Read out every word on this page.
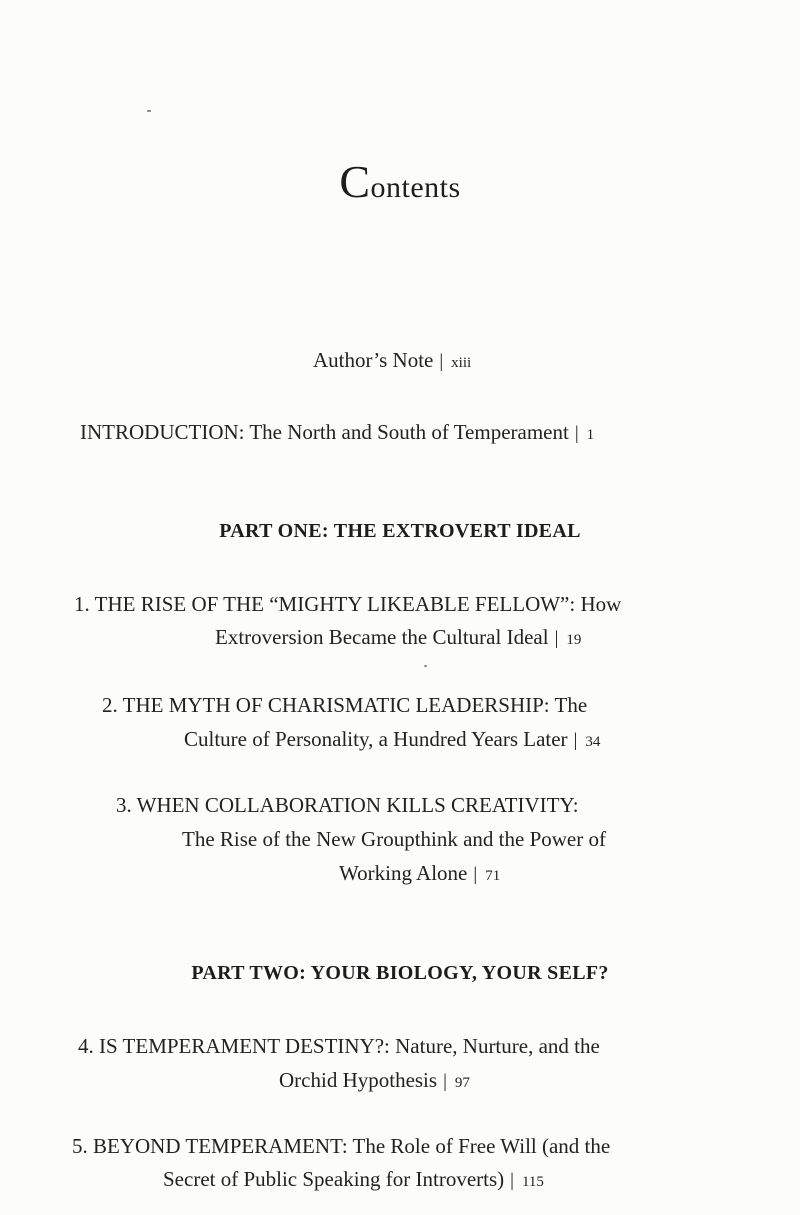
Contents
Author’s Note | xiii
INTRODUCTION: The North and South of Temperament | 1
PART ONE: THE EXTROVERT IDEAL
1. THE RISE OF THE “MIGHTY LIKEABLE FELLOW”: How
Extroversion Became the Cultural Ideal | 19
2. THE MYTH OF CHARISMATIC LEADERSHIP: The
Culture of Personality, a Hundred Years Later | 34
3. WHEN COLLABORATION KILLS CREATIVITY:
The Rise of the New Groupthink and the Power of
Working Alone | 71
PART TWO: YOUR BIOLOGY, YOUR SELF?
4. IS TEMPERAMENT DESTINY?: Nature, Nurture, and the
Orchid Hypothesis | 97
5. BEYOND TEMPERAMENT: The Role of Free Will (and the
Secret of Public Speaking for Introverts) | 115
